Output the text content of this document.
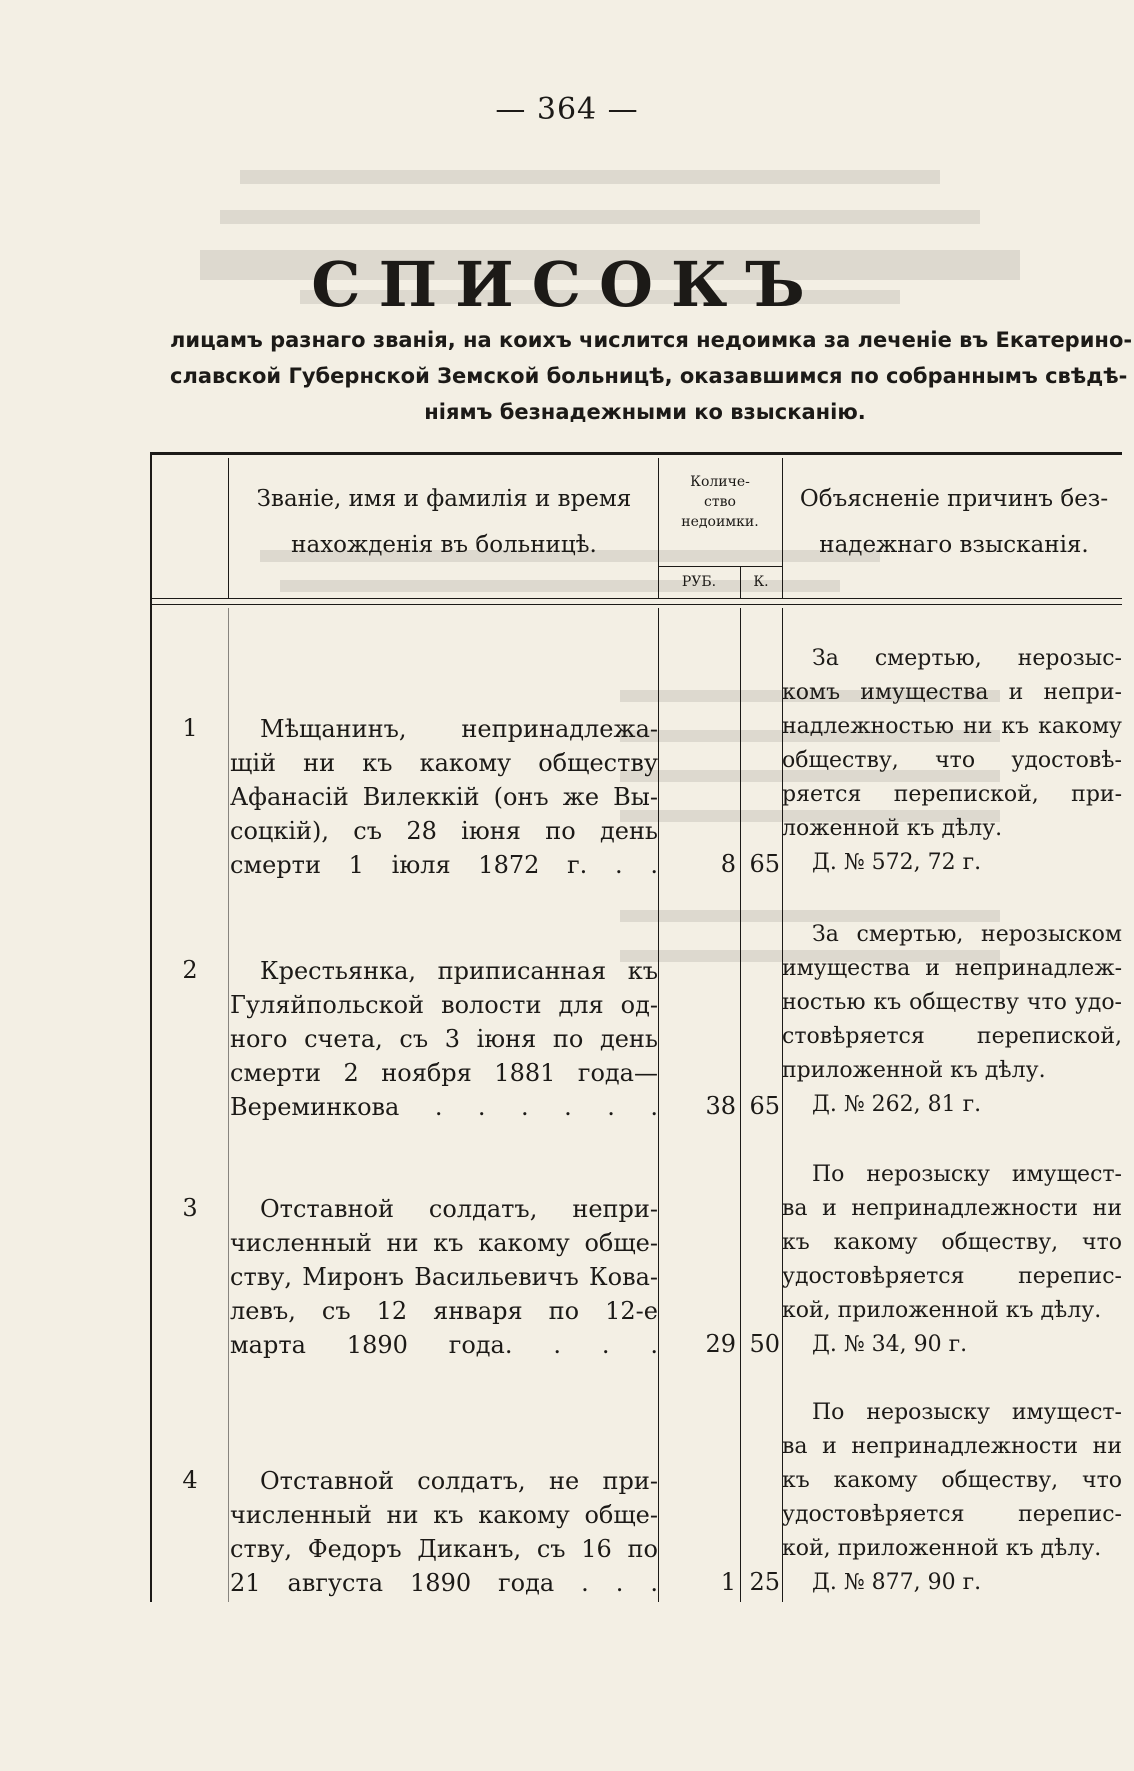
— 364 —
СПИСОКЪ
лицамъ разнаго званія, на коихъ числится недоимка за леченіе въ Екатерино-
славской Губернской Земской больницѣ, оказавшимся по собраннымъ свѣдѣ-
ніямъ безнадежными ко взысканію.
Званіе, имя и фамилія и время
нахожденія въ больницѣ.
Количе-
ство
недоимки.
РУБ.	К.
Объясненіе причинъ без-
надежнаго взысканія.
1	Мѣщанинъ, непринадлежа-
щій ни къ какому обществу
Афанасій Вилеккій (онъ же Вы-
соцкій), съ 28 іюня по день
смерти 1 іюля 1872 г. . .	8 65
За смертью, нерозыс-
комъ имущества и непри-
надлежностью ни къ какому
обществу, что удостовѣ-
ряется перепиской, при-
ложенной къ дѣлу.
Д. № 572, 72 г.
2	Крестьянка, приписанная къ
Гуляйпольской волости для од-
ного счета, съ 3 іюня по день
смерти 2 ноября 1881 года—
Вереминкова . . . . . .	38 65
За смертью, нерозыском
имущества и непринадлеж-
ностью къ обществу что удо-
стовѣряется перепиской,
приложенной къ дѣлу.
Д. № 262, 81 г.
3	Отставной солдатъ, непри-
численный ни къ какому обще-
ству, Миронъ Васильевичъ Кова-
левъ, съ 12 января по 12-е
марта 1890 года. . . .	29 50
По нерозыску имущест-
ва и непринадлежности ни
къ какому обществу, что
удостовѣряется перепис-
кой, приложенной къ дѣлу.
Д. № 34, 90 г.
4	Отставной солдатъ, не при-
численный ни къ какому обще-
ству, Федоръ Диканъ, съ 16 по
21 августа 1890 года . . .	1 25
По нерозыску имущест-
ва и непринадлежности ни
къ какому обществу, что
удостовѣряется перепис-
кой, приложенной къ дѣлу.
Д. № 877, 90 г.
